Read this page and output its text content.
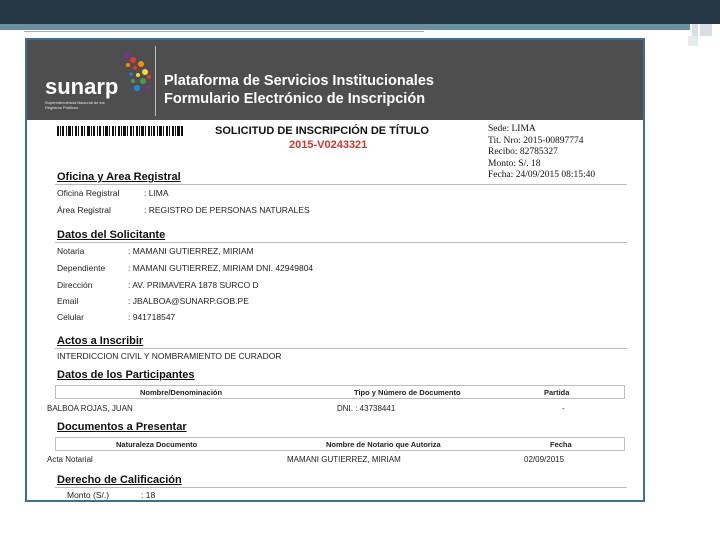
sunarp
Superintendencia Nacional de los Registros Públicos
Plataforma de Servicios Institucionales
Formulario Electrónico de Inscripción
SOLICITUD DE INSCRIPCIÓN DE TÍTULO
2015-V0243321
Sede: LIMA
Tit. Nro: 2015-00897774
Recibo: 82785327
Monto: S/. 18
Fecha: 24/09/2015 08:15:40
Oficina y Area Registral
Oficina Registral	: LIMA
Área Registral	: REGISTRO DE PERSONAS NATURALES
Datos del Solicitante
Notaria	: MAMANI GUTIERREZ, MIRIAM
Dependiente	: MAMANI GUTIERREZ, MIRIAM DNI. 42949804
Dirección	: AV. PRIMAVERA 1878 SURCO D
Email	: JBALBOA@SUNARP.GOB.PE
Celular	: 941718547
Actos a Inscribir
INTERDICCION CIVIL Y NOMBRAMIENTO DE CURADOR
Datos de los Participantes
Nombre/Denominación	Tipo y Número de Documento	Partida
BALBOA ROJAS, JUAN	DNI. : 43738441	-
Documentos a Presentar
Naturaleza Documento	Nombre de Notario que Autoriza	Fecha
Acta Notarial	MAMANI GUTIERREZ, MIRIAM	02/09/2015
Derecho de Calificación
Monto (S/.)	: 18
